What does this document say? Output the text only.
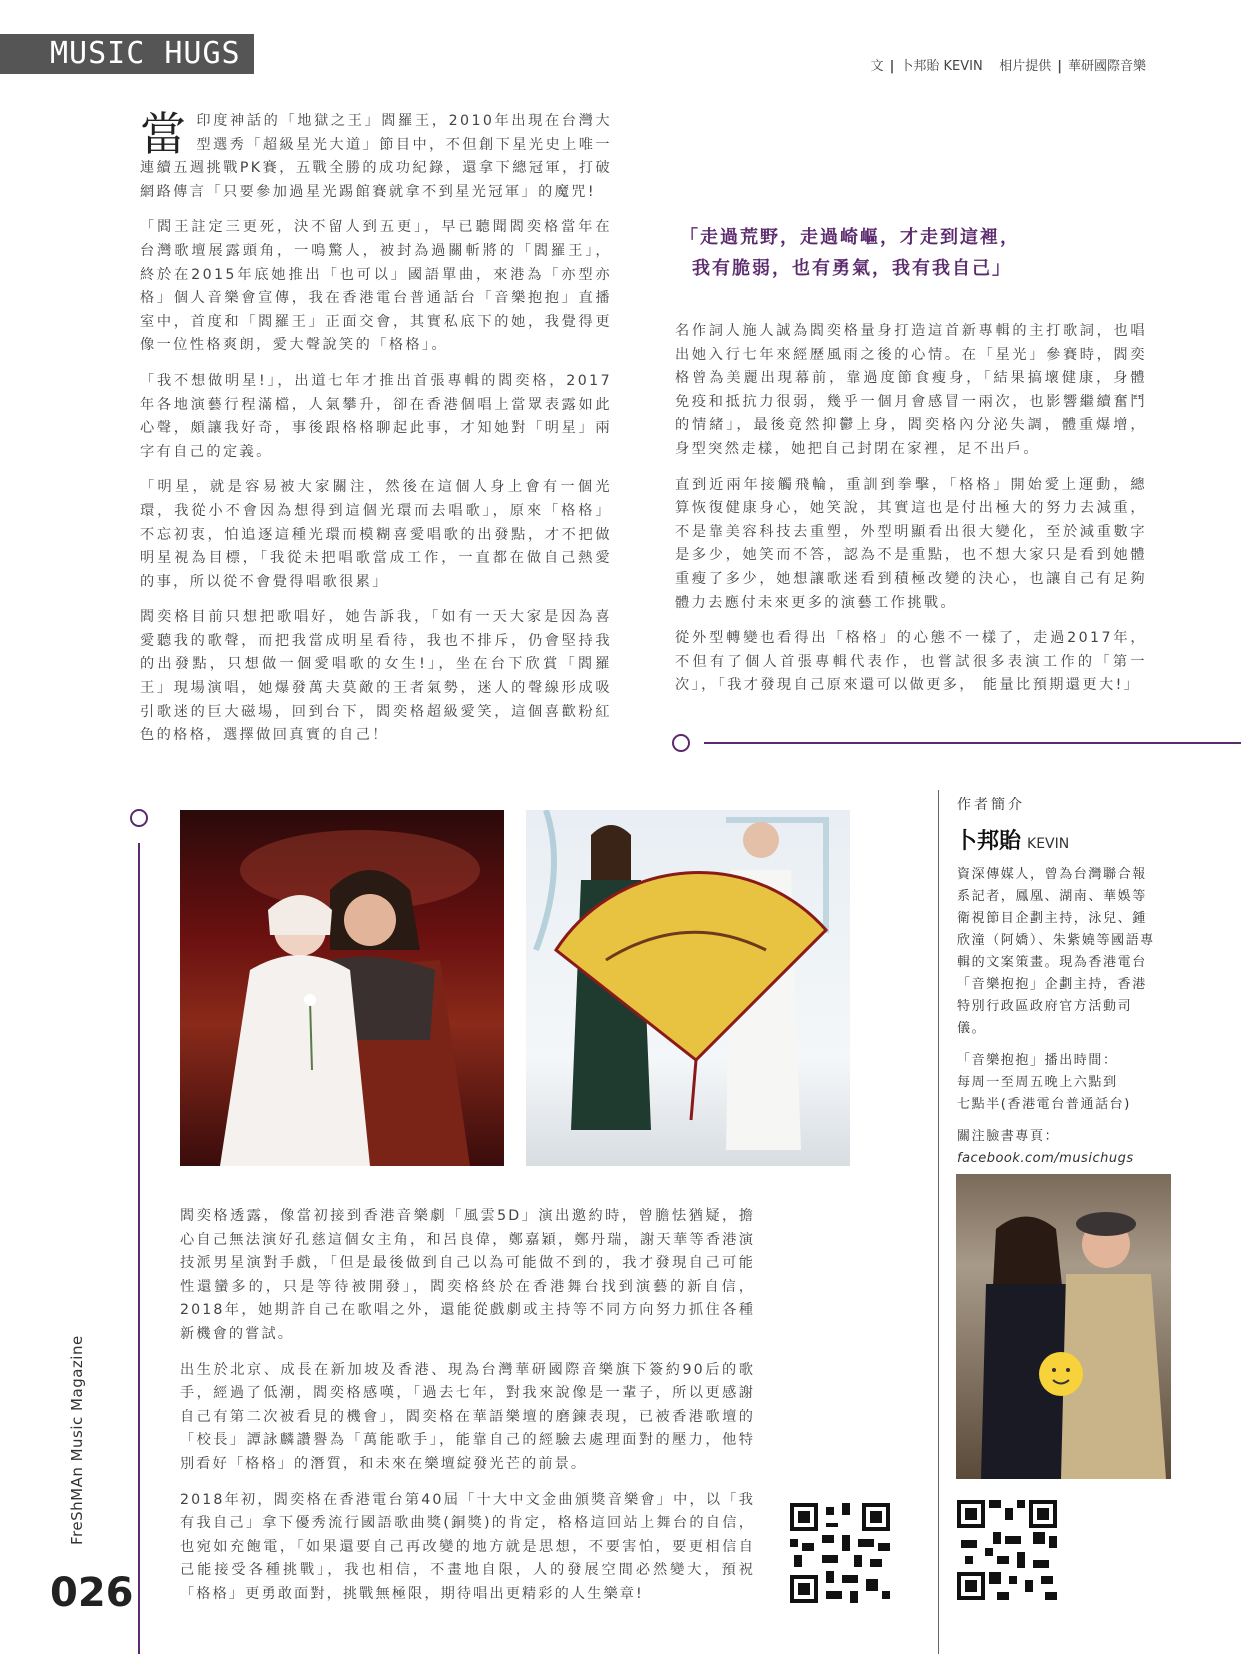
MUSIC HUGS	文 | 卜邦貽 KEVIN 相片提供 | 華研國際音樂

當印度神話的「地獄之王」閻羅王，2010年出現在台灣大型選秀「超級星光大道」節目中，不但創下星光史上唯一連續五週挑戰PK賽，五戰全勝的成功紀錄，還拿下總冠軍，打破網路傳言「只要參加過星光踢館賽就拿不到星光冠軍」的魔咒!

「閻王註定三更死，決不留人到五更」，早已聽聞閻奕格當年在台灣歌壇展露頭角，一鳴驚人，被封為過關斬將的「閻羅王」，終於在2015年底她推出「也可以」國語單曲，來港為「亦型亦格」個人音樂會宣傳，我在香港電台普通話台「音樂抱抱」直播室中，首度和「閻羅王」正面交會，其實私底下的她，我覺得更像一位性格爽朗，愛大聲說笑的「格格」。

「我不想做明星!」，出道七年才推出首張專輯的閻奕格，2017年各地演藝行程滿檔，人氣攀升，卻在香港個唱上當眾表露如此心聲，頗讓我好奇，事後跟格格聊起此事，才知她對「明星」兩字有自己的定義。

「明星，就是容易被大家關注，然後在這個人身上會有一個光環，我從小不會因為想得到這個光環而去唱歌」，原來「格格」不忘初衷，怕追逐這種光環而模糊喜愛唱歌的出發點，才不把做明星視為目標，「我從未把唱歌當成工作，一直都在做自己熱愛的事，所以從不會覺得唱歌很累」

閻奕格目前只想把歌唱好，她告訴我，「如有一天大家是因為喜愛聽我的歌聲，而把我當成明星看待，我也不排斥，仍會堅持我的出發點，只想做一個愛唱歌的女生!」，坐在台下欣賞「閻羅王」現場演唱，她爆發萬夫莫敵的王者氣勢，迷人的聲線形成吸引歌迷的巨大磁場，回到台下，閻奕格超級愛笑，這個喜歡粉紅色的格格，選擇做回真實的自己！

「走過荒野，走過崎嶇，才走到這裡，
我有脆弱，也有勇氣，我有我自己」

名作詞人施人誠為閻奕格量身打造這首新專輯的主打歌詞，也唱出她入行七年來經歷風雨之後的心情。在「星光」參賽時，閻奕格曾為美麗出現幕前，靠過度節食瘦身，「結果搞壞健康，身體免疫和抵抗力很弱，幾乎一個月會感冒一兩次，也影響繼續奮鬥的情緒」，最後竟然抑鬱上身，閻奕格內分泌失調，體重爆增，身型突然走樣，她把自己封閉在家裡，足不出戶。

直到近兩年接觸飛輪，重訓到拳擊，「格格」開始愛上運動，總算恢復健康身心，她笑說，其實這也是付出極大的努力去減重，不是靠美容科技去重塑，外型明顯看出很大變化，至於減重數字是多少，她笑而不答，認為不是重點，也不想大家只是看到她體重瘦了多少，她想讓歌迷看到積極改變的決心，也讓自己有足夠體力去應付未來更多的演藝工作挑戰。

從外型轉變也看得出「格格」的心態不一樣了，走過2017年，不但有了個人首張專輯代表作，也嘗試很多表演工作的「第一次」，「我才發現自己原來還可以做更多， 能量比預期還更大!」

閻奕格透露，像當初接到香港音樂劇「風雲5D」演出邀約時，曾膽怯猶疑，擔心自己無法演好孔慈這個女主角，和呂良偉，鄭嘉穎，鄭丹瑞，謝天華等香港演技派男星演對手戲，「但是最後做到自己以為可能做不到的，我才發現自己可能性還蠻多的，只是等待被開發」，閻奕格終於在香港舞台找到演藝的新自信，2018年，她期許自己在歌唱之外，還能從戲劇或主持等不同方向努力抓住各種新機會的嘗試。

出生於北京、成長在新加坡及香港、現為台灣華研國際音樂旗下簽約90后的歌手，經過了低潮，閻奕格感嘆，「過去七年，對我來說像是一輩子，所以更感謝自己有第二次被看見的機會」，閻奕格在華語樂壇的磨鍊表現，已被香港歌壇的「校長」譚詠麟讚譽為「萬能歌手」，能靠自己的經驗去處理面對的壓力，他特別看好「格格」的潛質，和未來在樂壇綻發光芒的前景。

2018年初，閻奕格在香港電台第40屆「十大中文金曲頒獎音樂會」中，以「我有我自己」拿下優秀流行國語歌曲獎(銅獎)的肯定，格格這回站上舞台的自信，也宛如充飽電，「如果還要自己再改變的地方就是思想，不要害怕，要更相信自己能接受各種挑戰」，我也相信，不畫地自限，人的發展空間必然變大，預祝「格格」更勇敢面對，挑戰無極限，期待唱出更精彩的人生樂章!

作者簡介
卜邦貽 KEVIN

資深傳媒人，曾為台灣聯合報系記者，鳳凰、湖南、華娛等衛視節目企劃主持，泳兒、鍾欣潼（阿嬌）、朱紫嬈等國語專輯的文案策畫。現為香港電台「音樂抱抱」企劃主持，香港特別行政區政府官方活動司儀。

「音樂抱抱」播出時間：
每周一至周五晚上六點到
七點半(香港電台普通話台)

關注臉書專頁：
facebook.com/musichugs

FreShMAn Music Magazine
026
